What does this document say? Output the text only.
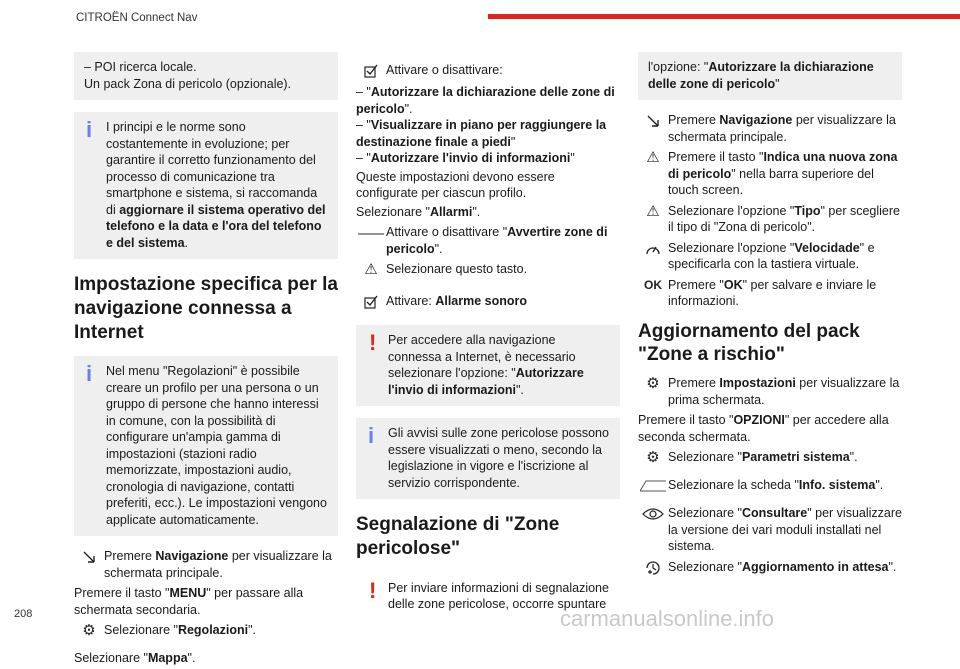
CITROËN Connect Nav
– POI ricerca locale.
Un pack Zona di pericolo (opzionale).
i I principi e le norme sono costantemente in evoluzione; per garantire il corretto funzionamento del processo di comunicazione tra smartphone e sistema, si raccomanda di aggiornare il sistema operativo del telefono e la data e l'ora del telefono e del sistema.
Impostazione specifica per la navigazione connessa a Internet
i Nel menu "Regolazioni" è possibile creare un profilo per una persona o un gruppo di persone che hanno interessi in comune, con la possibilità di configurare un'ampia gamma di impostazioni (stazioni radio memorizzate, impostazioni audio, cronologia di navigazione, contatti preferiti, ecc.). Le impostazioni vengono applicate automaticamente.
Premere Navigazione per visualizzare la schermata principale.

Premere il tasto "MENU" per passare alla schermata secondaria.

⚙ Selezionare "Regolazioni".

Selezionare "Mappa".

Attivare o disattivare:

– "Autorizzare la dichiarazione delle zone di pericolo".

– "Visualizzare in piano per raggiungere la destinazione finale a piedi"

– "Autorizzare l'invio di informazioni"

Queste impostazioni devono essere configurate per ciascun profilo.

Selezionare "Allarmi".

Attivare o disattivare "Avvertire zone di pericolo".
⚠ Selezionare questo tasto.
Attivare: Allarme sonoro
! Per accedere alla navigazione connessa a Internet, è necessario selezionare l'opzione: "Autorizzare l'invio di informazioni".
i Gli avvisi sulle zone pericolose possono essere visualizzati o meno, secondo la legislazione in vigore e l'iscrizione al servizio corrispondente.
Segnalazione di "Zone pericolose"
! Per inviare informazioni di segnalazione delle zone pericolose, occorre spuntare
l'opzione: "Autorizzare la dichiarazione delle zone di pericolo"
Premere Navigazione per visualizzare la schermata principale.
⚠ Premere il tasto "Indica una nuova zona di pericolo" nella barra superiore del touch screen.
⚠ Selezionare l'opzione "Tipo" per scegliere il tipo di "Zona di pericolo".
Selezionare l'opzione "Velocidade" e specificarla con la tastiera virtuale.
OK Premere "OK" per salvare e inviare le informazioni.
Aggiornamento del pack "Zone a rischio"
⚙ Premere Impostazioni per visualizzare la prima schermata.

Premere il tasto "OPZIONI" per accedere alla seconda schermata.

⚙ Selezionare "Parametri sistema".
Selezionare la scheda "Info. sistema".
Selezionare "Consultare" per visualizzare la versione dei vari moduli installati nel sistema.
Selezionare "Aggiornamento in attesa".
208	carmanualsonline.info
